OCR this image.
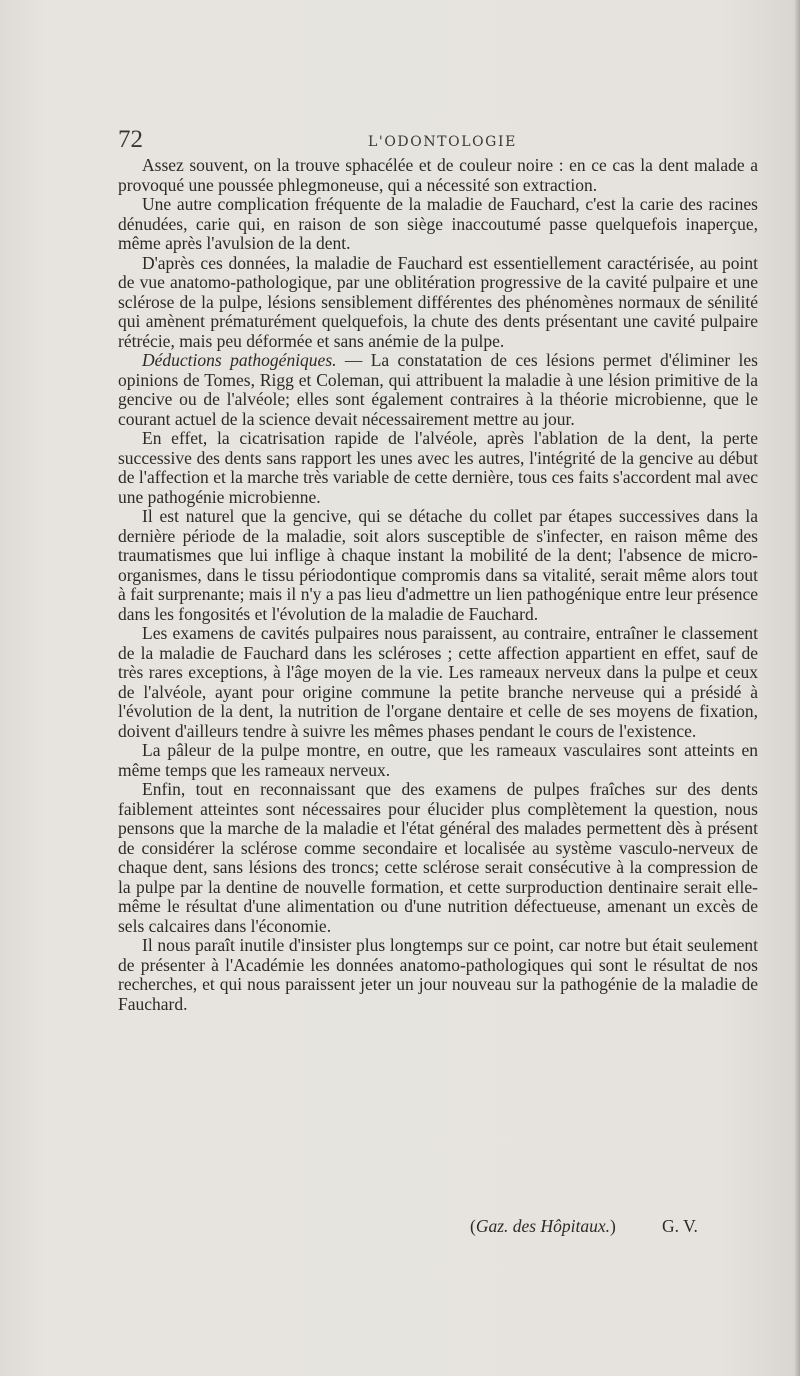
72	L'ODONTOLOGIE

Assez souvent, on la trouve sphacélée et de couleur noire : en ce cas la dent malade a provoqué une poussée phlegmoneuse, qui a nécessité son extraction.

Une autre complication fréquente de la maladie de Fauchard, c'est la carie des racines dénudées, carie qui, en raison de son siège inaccoutumé passe quelquefois inaperçue, même après l'avulsion de la dent.

D'après ces données, la maladie de Fauchard est essentiellement caractérisée, au point de vue anatomo-pathologique, par une oblitération progressive de la cavité pulpaire et une sclérose de la pulpe, lésions sensiblement différentes des phénomènes normaux de sénilité qui amènent prématurément quelquefois, la chute des dents présentant une cavité pulpaire rétrécie, mais peu déformée et sans anémie de la pulpe.

Déductions pathogéniques. — La constatation de ces lésions permet d'éliminer les opinions de Tomes, Rigg et Coleman, qui attribuent la maladie à une lésion primitive de la gencive ou de l'alvéole; elles sont également contraires à la théorie microbienne, que le courant actuel de la science devait nécessairement mettre au jour.

En effet, la cicatrisation rapide de l'alvéole, après l'ablation de la dent, la perte successive des dents sans rapport les unes avec les autres, l'intégrité de la gencive au début de l'affection et la marche très variable de cette dernière, tous ces faits s'accordent mal avec une pathogénie microbienne.

Il est naturel que la gencive, qui se détache du collet par étapes successives dans la dernière période de la maladie, soit alors susceptible de s'infecter, en raison même des traumatismes que lui inflige à chaque instant la mobilité de la dent; l'absence de micro-organismes, dans le tissu périodontique compromis dans sa vitalité, serait même alors tout à fait surprenante; mais il n'y a pas lieu d'admettre un lien pathogénique entre leur présence dans les fongosités et l'évolution de la maladie de Fauchard.

Les examens de cavités pulpaires nous paraissent, au contraire, entraîner le classement de la maladie de Fauchard dans les scléroses ; cette affection appartient en effet, sauf de très rares exceptions, à l'âge moyen de la vie. Les rameaux nerveux dans la pulpe et ceux de l'alvéole, ayant pour origine commune la petite branche nerveuse qui a présidé à l'évolution de la dent, la nutrition de l'organe dentaire et celle de ses moyens de fixation, doivent d'ailleurs tendre à suivre les mêmes phases pendant le cours de l'existence.

La pâleur de la pulpe montre, en outre, que les rameaux vasculaires sont atteints en même temps que les rameaux nerveux.

Enfin, tout en reconnaissant que des examens de pulpes fraîches sur des dents faiblement atteintes sont nécessaires pour élucider plus complètement la question, nous pensons que la marche de la maladie et l'état général des malades permettent dès à présent de considérer la sclérose comme secondaire et localisée au système vasculo-nerveux de chaque dent, sans lésions des troncs; cette sclérose serait consécutive à la compression de la pulpe par la dentine de nouvelle formation, et cette surproduction dentinaire serait elle-même le résultat d'une alimentation ou d'une nutrition défectueuse, amenant un excès de sels calcaires dans l'économie.

Il nous paraît inutile d'insister plus longtemps sur ce point, car notre but était seulement de présenter à l'Académie les données anatomo-pathologiques qui sont le résultat de nos recherches, et qui nous paraissent jeter un jour nouveau sur la pathogénie de la maladie de Fauchard.

(Gaz. des Hôpitaux.)	G. V.
